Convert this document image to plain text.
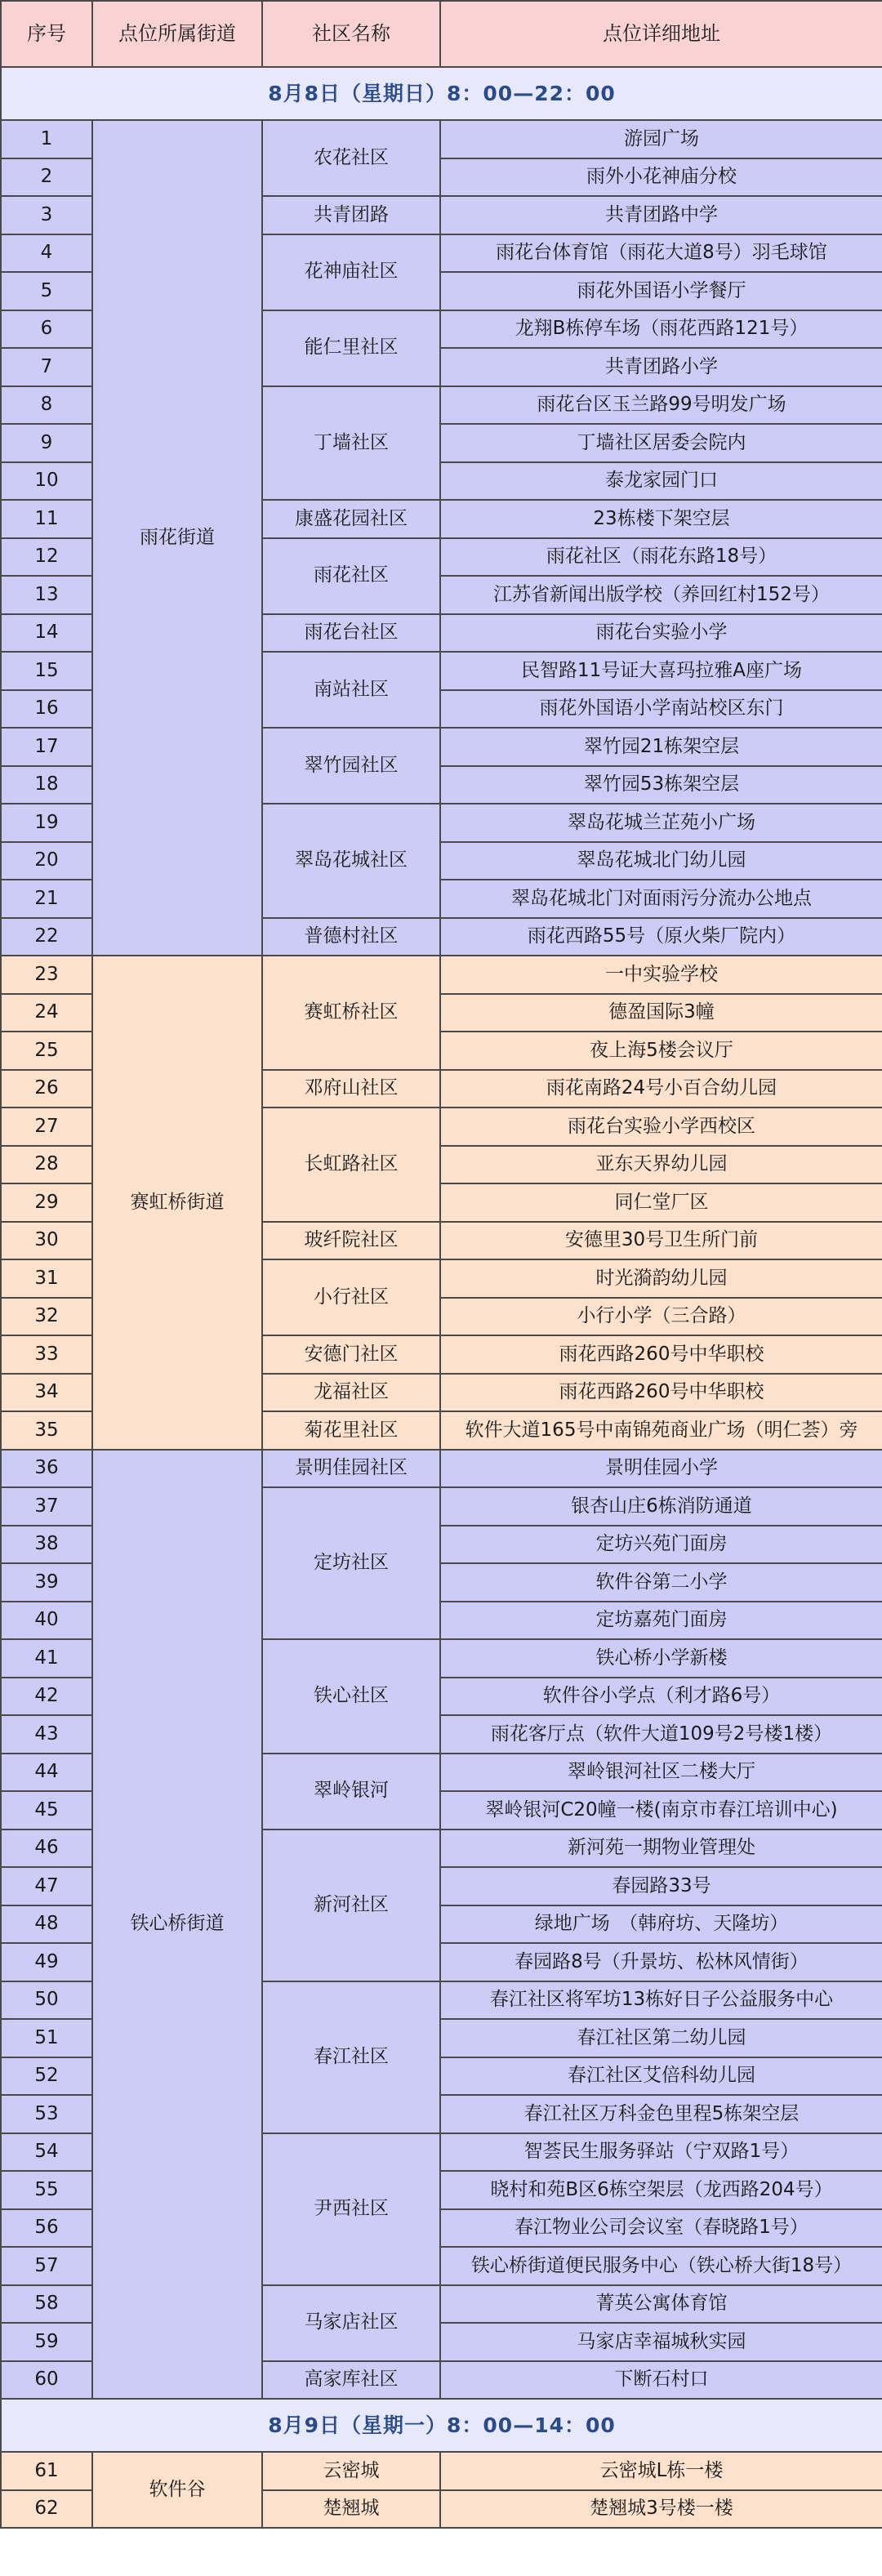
序号	点位所属街道	社区名称	点位详细地址
8月8日（星期日）8：00—22：00			
1	雨花街道	农花社区	游园广场
2			雨外小花神庙分校
3		共青团路	共青团路中学
4		花神庙社区	雨花台体育馆（雨花大道8号）羽毛球馆
5			雨花外国语小学餐厅
6		能仁里社区	龙翔B栋停车场（雨花西路121号）
7			共青团路小学
8		丁墙社区	雨花台区玉兰路99号明发广场
9			丁墙社区居委会院内
10			泰龙家园门口
11		康盛花园社区	23栋楼下架空层
12		雨花社区	雨花社区（雨花东路18号）
13			江苏省新闻出版学校（养回红村152号）
14		雨花台社区	雨花台实验小学
15		南站社区	民智路11号证大喜玛拉雅A座广场
16			雨花外国语小学南站校区东门
17		翠竹园社区	翠竹园21栋架空层
18			翠竹园53栋架空层
19		翠岛花城社区	翠岛花城兰芷苑小广场
20			翠岛花城北门幼儿园
21			翠岛花城北门对面雨污分流办公地点
22		普德村社区	雨花西路55号（原火柴厂院内）
23	赛虹桥街道	赛虹桥社区	一中实验学校
24			德盈国际3幢
25			夜上海5楼会议厅
26		邓府山社区	雨花南路24号小百合幼儿园
27		长虹路社区	雨花台实验小学西校区
28			亚东天界幼儿园
29			同仁堂厂区
30		玻纤院社区	安德里30号卫生所门前
31		小行社区	时光漪韵幼儿园
32			小行小学（三合路）
33		安德门社区	雨花西路260号中华职校
34		龙福社区	雨花西路260号中华职校
35		菊花里社区	软件大道165号中南锦苑商业广场（明仁荟）旁
36	铁心桥街道	景明佳园社区	景明佳园小学
37		定坊社区	银杏山庄6栋消防通道
38			定坊兴苑门面房
39			软件谷第二小学
40			定坊嘉苑门面房
41		铁心社区	铁心桥小学新楼
42			软件谷小学点（利才路6号）
43			雨花客厅点（软件大道109号2号楼1楼）
44		翠岭银河	翠岭银河社区二楼大厅
45			翠岭银河C20幢一楼(南京市春江培训中心)
46		新河社区	新河苑一期物业管理处
47			春园路33号
48			绿地广场　（韩府坊、天隆坊）
49			春园路8号（升景坊、松林风情街）
50		春江社区	春江社区将军坊13栋好日子公益服务中心
51			春江社区第二幼儿园
52			春江社区艾倍科幼儿园
53			春江社区万科金色里程5栋架空层
54		尹西社区	智荟民生服务驿站（宁双路1号）
55			晓村和苑B区6栋空架层（龙西路204号）
56			春江物业公司会议室（春晓路1号）
57			铁心桥街道便民服务中心（铁心桥大街18号）
58		马家店社区	菁英公寓体育馆
59			马家店幸福城秋实园
60		高家库社区	下断石村口
8月9日（星期一）8：00—14：00			
61	软件谷	云密城	云密城L栋一楼
62		楚翘城	楚翘城3号楼一楼
